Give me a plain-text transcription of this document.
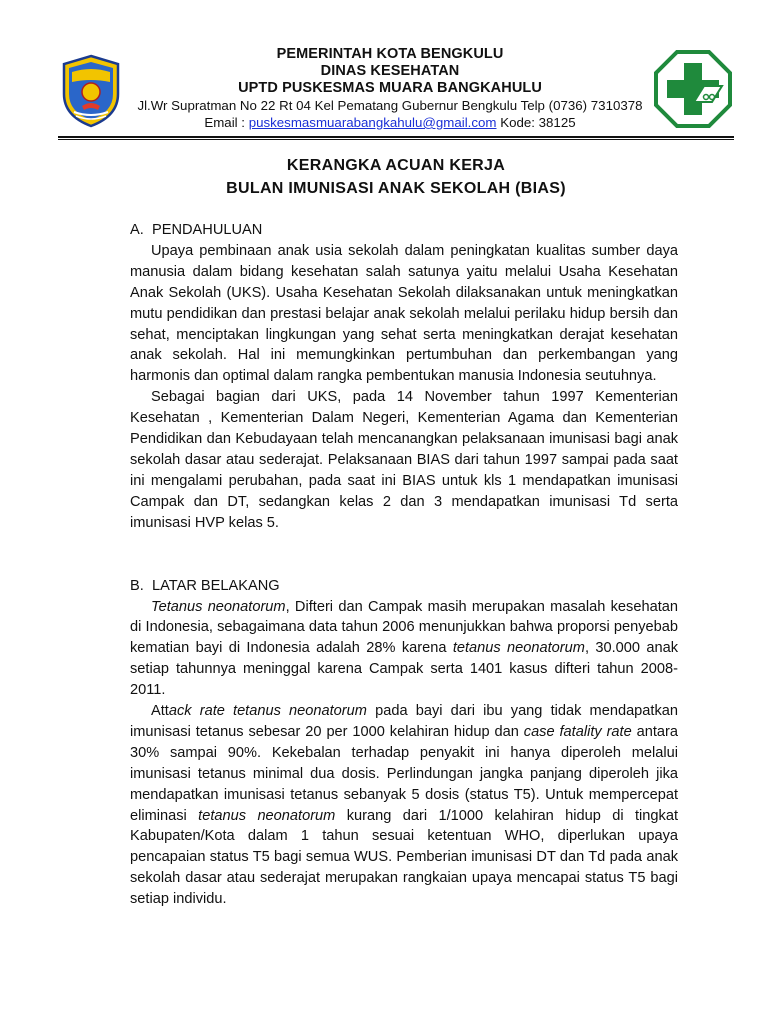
PEMERINTAH KOTA BENGKULU
DINAS KESEHATAN
UPTD PUSKESMAS MUARA BANGKAHULU
Jl.Wr Supratman No 22 Rt 04 Kel Pematang Gubernur Bengkulu Telp (0736) 7310378
Email : puskesmasmuarabangkahulu@gmail.com Kode: 38125
KERANGKA ACUAN KERJA
BULAN IMUNISASI ANAK SEKOLAH (BIAS)
A. PENDAHULUAN

Upaya pembinaan anak usia sekolah dalam peningkatan kualitas sumber daya manusia dalam bidang kesehatan salah satunya yaitu melalui Usaha Kesehatan Anak Sekolah (UKS). Usaha Kesehatan Sekolah dilaksanakan untuk meningkatkan mutu pendidikan dan prestasi belajar anak sekolah melalui perilaku hidup bersih dan sehat, menciptakan lingkungan yang sehat serta meningkatkan derajat kesehatan anak sekolah. Hal ini memungkinkan pertumbuhan dan perkembangan yang harmonis dan optimal dalam rangka pembentukan manusia Indonesia seutuhnya.

Sebagai bagian dari UKS, pada 14 November tahun 1997 Kementerian Kesehatan , Kementerian Dalam Negeri, Kementerian Agama dan Kementerian Pendidikan dan Kebudayaan telah mencanangkan pelaksanaan imunisasi bagi anak sekolah dasar atau sederajat. Pelaksanaan BIAS dari tahun 1997 sampai pada saat ini mengalami perubahan, pada saat ini BIAS untuk kls 1 mendapatkan imunisasi Campak dan DT, sedangkan kelas 2 dan 3 mendapatkan imunisasi Td serta imunisasi HVP kelas 5.

B. LATAR BELAKANG

Tetanus neonatorum, Difteri dan Campak masih merupakan masalah kesehatan di Indonesia, sebagaimana data tahun 2006 menunjukkan bahwa proporsi penyebab kematian bayi di Indonesia adalah 28% karena tetanus neonatorum, 30.000 anak setiap tahunnya meninggal karena Campak serta 1401 kasus difteri tahun 2008-2011.

Attack rate tetanus neonatorum pada bayi dari ibu yang tidak mendapatkan imunisasi tetanus sebesar 20 per 1000 kelahiran hidup dan case fatality rate antara 30% sampai 90%. Kekebalan terhadap penyakit ini hanya diperoleh melalui imunisasi tetanus minimal dua dosis. Perlindungan jangka panjang diperoleh jika mendapatkan imunisasi tetanus sebanyak 5 dosis (status T5). Untuk mempercepat eliminasi tetanus neonatorum kurang dari 1/1000 kelahiran hidup di tingkat Kabupaten/Kota dalam 1 tahun sesuai ketentuan WHO, diperlukan upaya pencapaian status T5 bagi semua WUS. Pemberian imunisasi DT dan Td pada anak sekolah dasar atau sederajat merupakan rangkaian upaya mencapai status T5 bagi setiap individu.
